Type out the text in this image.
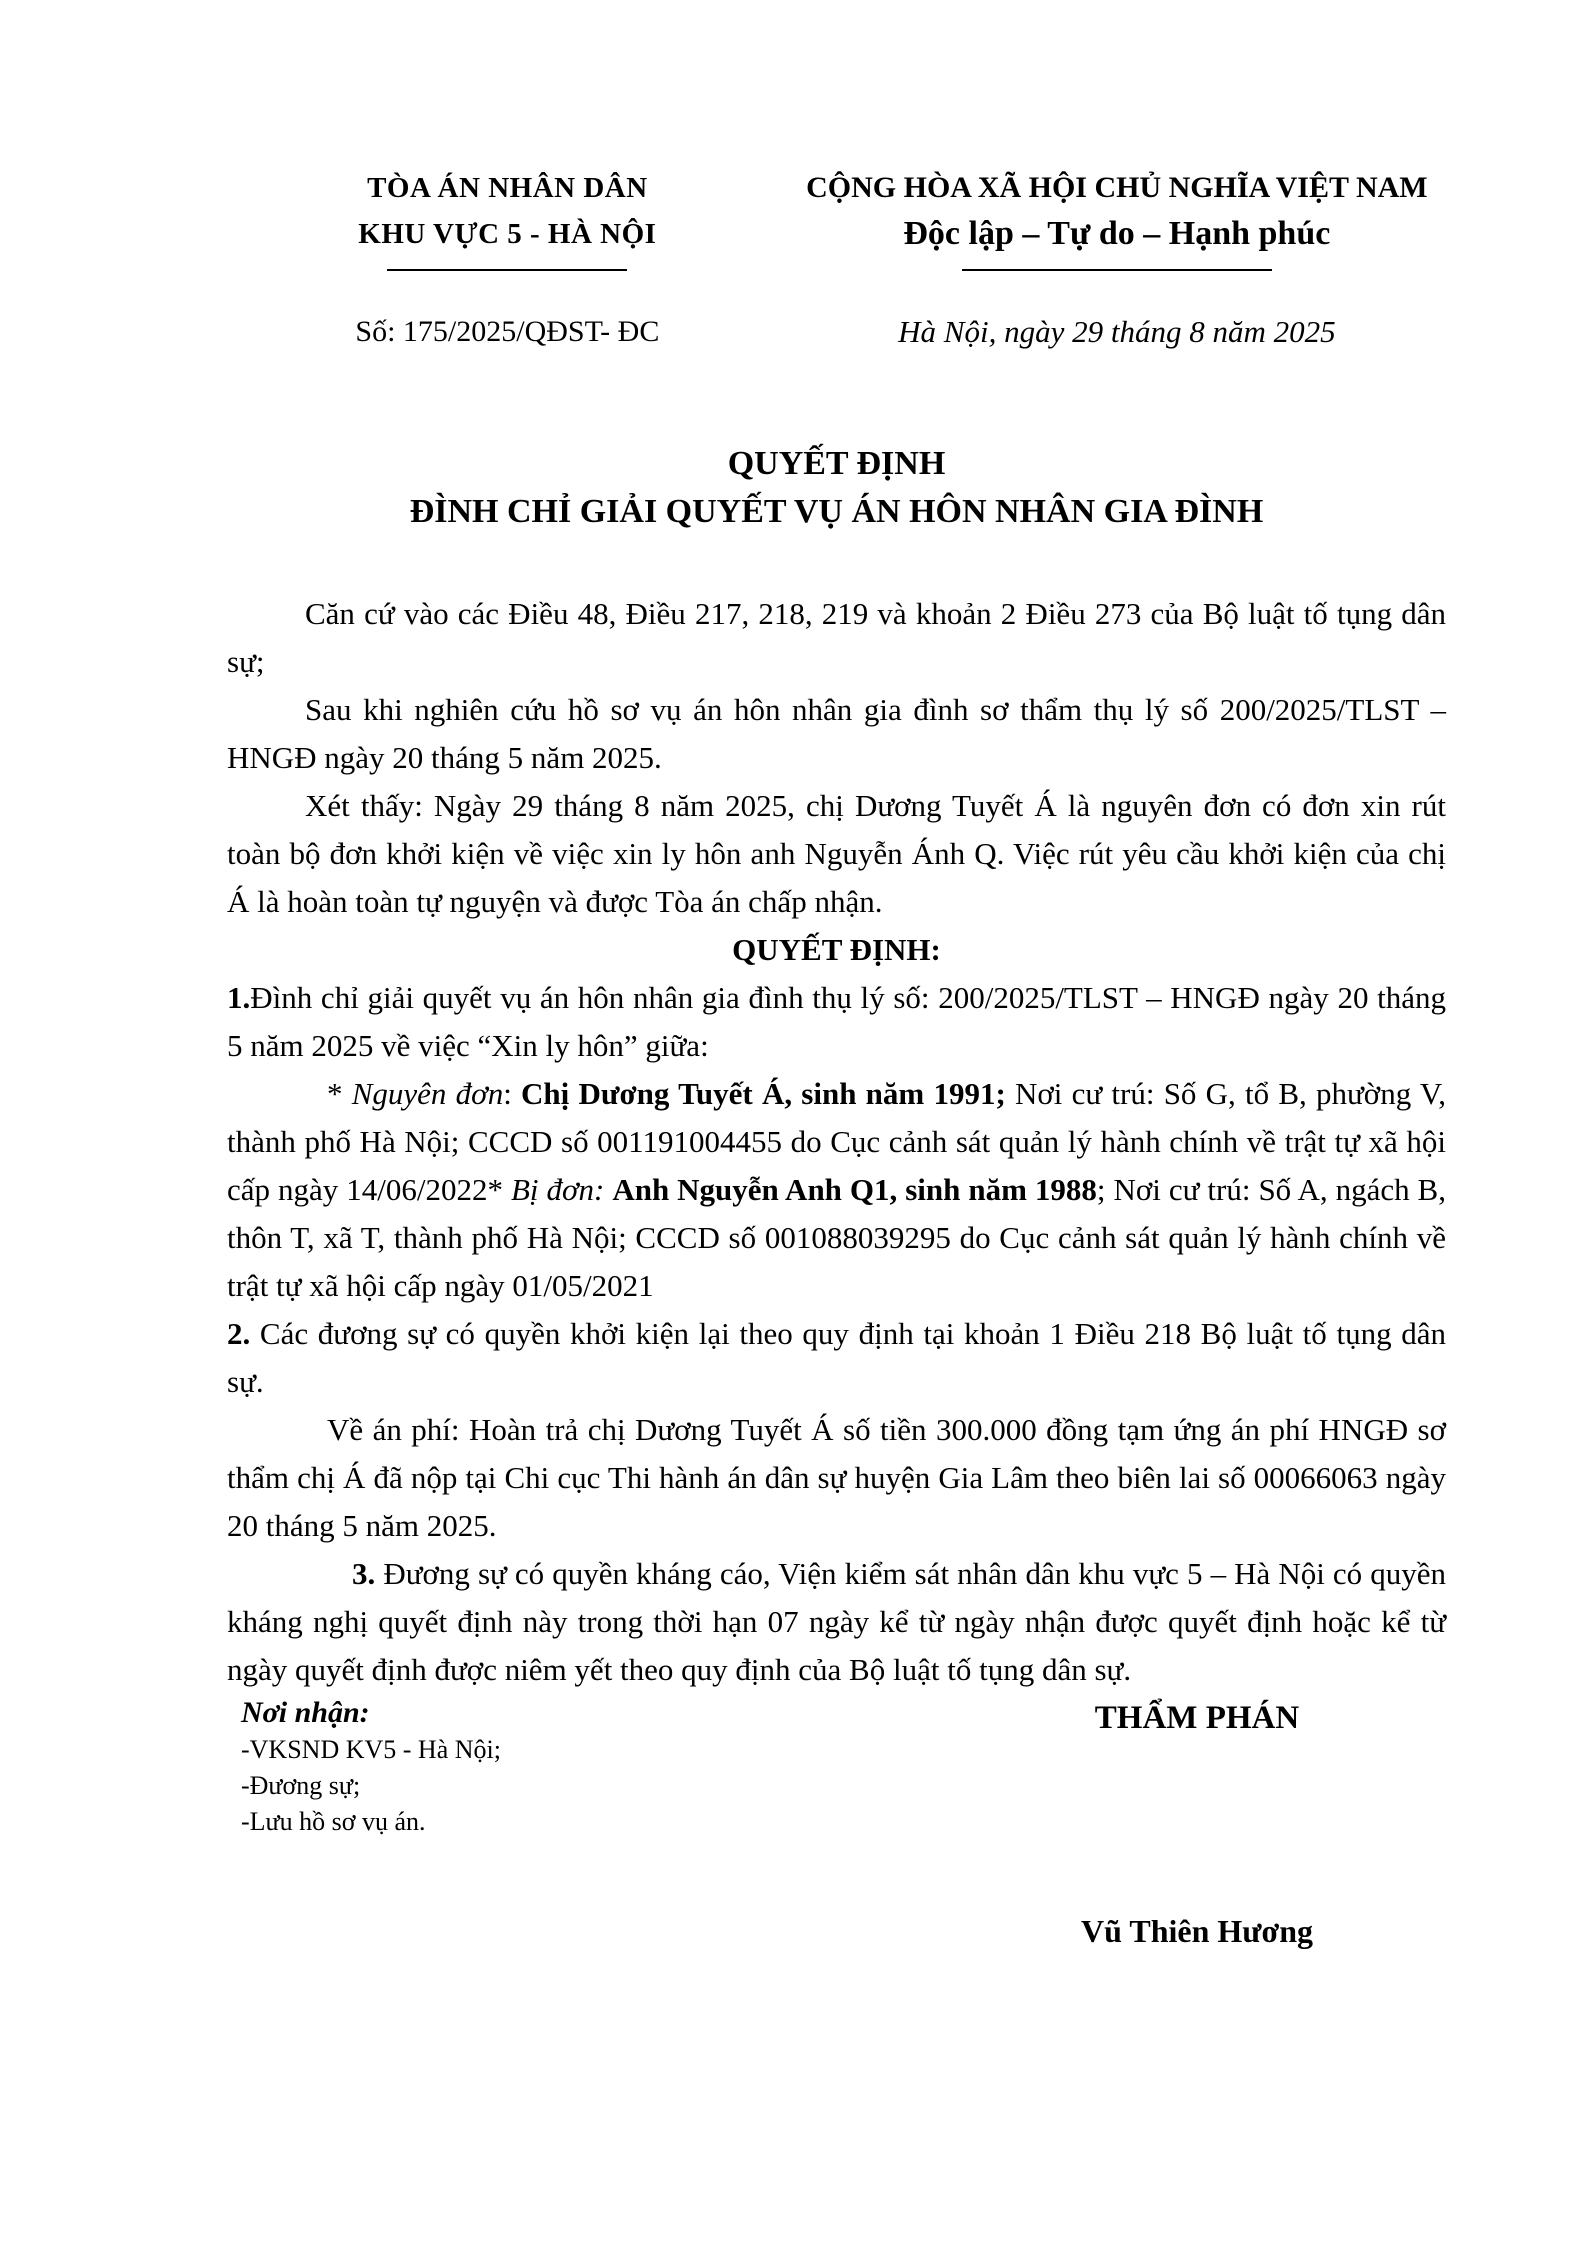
TÒA ÁN NHÂN DÂN
KHU VỰC 5 - HÀ NỘI
CỘNG HÒA XÃ HỘI CHỦ NGHĨA VIỆT NAM
Độc lập – Tự do – Hạnh phúc
Số: 175/2025/QĐST- ĐC	Hà Nội, ngày 29 tháng 8 năm 2025
QUYẾT ĐỊNH
ĐÌNH CHỈ GIẢI QUYẾT VỤ ÁN HÔN NHÂN GIA ĐÌNH

Căn cứ vào các Điều 48, Điều 217, 218, 219 và khoản 2 Điều 273 của Bộ luật tố tụng dân sự;

Sau khi nghiên cứu hồ sơ vụ án hôn nhân gia đình sơ thẩm thụ lý số 200/2025/TLST – HNGĐ ngày 20 tháng 5 năm 2025.

Xét thấy: Ngày 29 tháng 8 năm 2025, chị Dương Tuyết Á là nguyên đơn có đơn xin rút toàn bộ đơn khởi kiện về việc xin ly hôn anh Nguyễn Ánh Q. Việc rút yêu cầu khởi kiện của chị Á là hoàn toàn tự nguyện và được Tòa án chấp nhận.

QUYẾT ĐỊNH:

1.Đình chỉ giải quyết vụ án hôn nhân gia đình thụ lý số: 200/2025/TLST – HNGĐ ngày 20 tháng 5 năm 2025 về việc “Xin ly hôn” giữa:

* Nguyên đơn: Chị Dương Tuyết Á, sinh năm 1991; Nơi cư trú: Số G, tổ B, phường V, thành phố Hà Nội; CCCD số 001191004455 do Cục cảnh sát quản lý hành chính về trật tự xã hội cấp ngày 14/06/2022* Bị đơn: Anh Nguyễn Anh Q1, sinh năm 1988; Nơi cư trú: Số A, ngách B, thôn T, xã T, thành phố Hà Nội; CCCD số 001088039295 do Cục cảnh sát quản lý hành chính về trật tự xã hội cấp ngày 01/05/2021

2. Các đương sự có quyền khởi kiện lại theo quy định tại khoản 1 Điều 218 Bộ luật tố tụng dân sự.

Về án phí: Hoàn trả chị Dương Tuyết Á số tiền 300.000 đồng tạm ứng án phí HNGĐ sơ thẩm chị Á đã nộp tại Chi cục Thi hành án dân sự huyện Gia Lâm theo biên lai số 00066063 ngày 20 tháng 5 năm 2025.

3. Đương sự có quyền kháng cáo, Viện kiểm sát nhân dân khu vực 5 – Hà Nội có quyền kháng nghị quyết định này trong thời hạn 07 ngày kể từ ngày nhận được quyết định hoặc kể từ ngày quyết định được niêm yết theo quy định của Bộ luật tố tụng dân sự.

Nơi nhận:
-VKSND KV5 - Hà Nội;
-Đương sự;
-Lưu hồ sơ vụ án.
THẨM PHÁN
Vũ Thiên Hương
